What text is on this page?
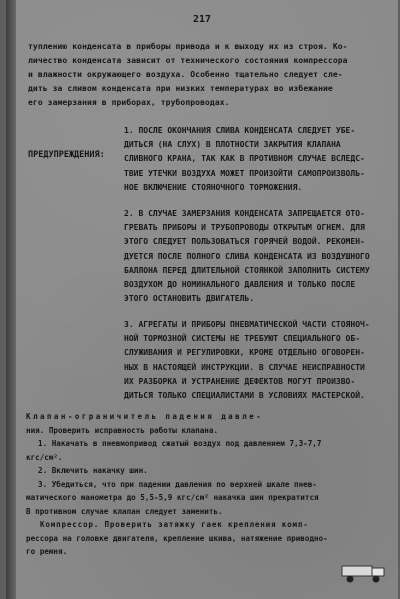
217
туплению конденсата в приборы привода и к выходу их из строя. Ко-
личество конденсата зависит от технического состояния компрессора
и влажности окружающего воздуха. Особенно тщательно следует сле-
дить за сливом конденсата при низких температурах во избежание
его замерзания в приборах, трубопроводах.
ПРЕДУПРЕЖДЕНИЯ:
1. ПОСЛЕ ОКОНЧАНИЯ СЛИВА КОНДЕНСАТА СЛЕДУЕТ УБЕ-
ДИТЬСЯ (НА СЛУХ) В ПЛОТНОСТИ ЗАКРЫТИЯ КЛАПАНА
СЛИВНОГО КРАНА, ТАК КАК В ПРОТИВНОМ СЛУЧАЕ ВСЛЕДС-
ТВИЕ УТЕЧКИ ВОЗДУХА МОЖЕТ ПРОИЗОЙТИ САМОПРОИЗВОЛЬ-
НОЕ ВКЛЮЧЕНИЕ СТОЯНОЧНОГО ТОРМОЖЕНИЯ.
2. В СЛУЧАЕ ЗАМЕРЗАНИЯ КОНДЕНСАТА ЗАПРЕЩАЕТСЯ ОТО-
ГРЕВАТЬ ПРИБОРЫ И ТРУБОПРОВОДЫ ОТКРЫТЫМ ОГНЕМ. ДЛЯ
ЭТОГО СЛЕДУЕТ ПОЛЬЗОВАТЬСЯ ГОРЯЧЕЙ ВОДОЙ. РЕКОМЕН-
ДУЕТСЯ ПОСЛЕ ПОЛНОГО СЛИВА КОНДЕНСАТА ИЗ ВОЗДУШНОГО
БАЛЛОНА ПЕРЕД ДЛИТЕЛЬНОЙ СТОЯНКОЙ ЗАПОЛНИТЬ СИСТЕМУ
ВОЗДУХОМ ДО НОМИНАЛЬНОГО ДАВЛЕНИЯ И ТОЛЬКО ПОСЛЕ
ЭТОГО ОСТАНОВИТЬ ДВИГАТЕЛЬ.
3. АГРЕГАТЫ И ПРИБОРЫ ПНЕВМАТИЧЕСКОЙ ЧАСТИ СТОЯНОЧ-
НОЙ ТОРМОЗНОЙ СИСТЕМЫ НЕ ТРЕБУЮТ СПЕЦИАЛЬНОГО ОБ-
СЛУЖИВАНИЯ И РЕГУЛИРОВКИ, КРОМЕ ОТДЕЛЬНО ОГОВОРЕН-
НЫХ В НАСТОЯЩЕЙ ИНСТРУКЦИИ. В СЛУЧАЕ НЕИСПРАВНОСТИ
ИХ РАЗБОРКА И УСТРАНЕНИЕ ДЕФЕКТОВ МОГУТ ПРОИЗВО-
ДИТЬСЯ ТОЛЬКО СПЕЦИАЛИСТАМИ В УСЛОВИЯХ МАСТЕРСКОЙ.
Клапан-ограничитель падения давле-
ния. Проверить исправность работы клапана.
1. Накачать в пневмопривод сжатый воздух под давлением 7,3-7,7
кгс/см².
2. Включить накачку шин.
3. Убедиться, что при падении давления по верхней шкале пнев-
матического манометра до 5,5-5,9 кгс/см² накачка шин прекратится
В противном случае клапан следует заменить.
Компрессор. Проверить затяжку гаек крепления комп-
рессора на головке двигателя, крепление шкива, натяжение приводно-
го ремня.
